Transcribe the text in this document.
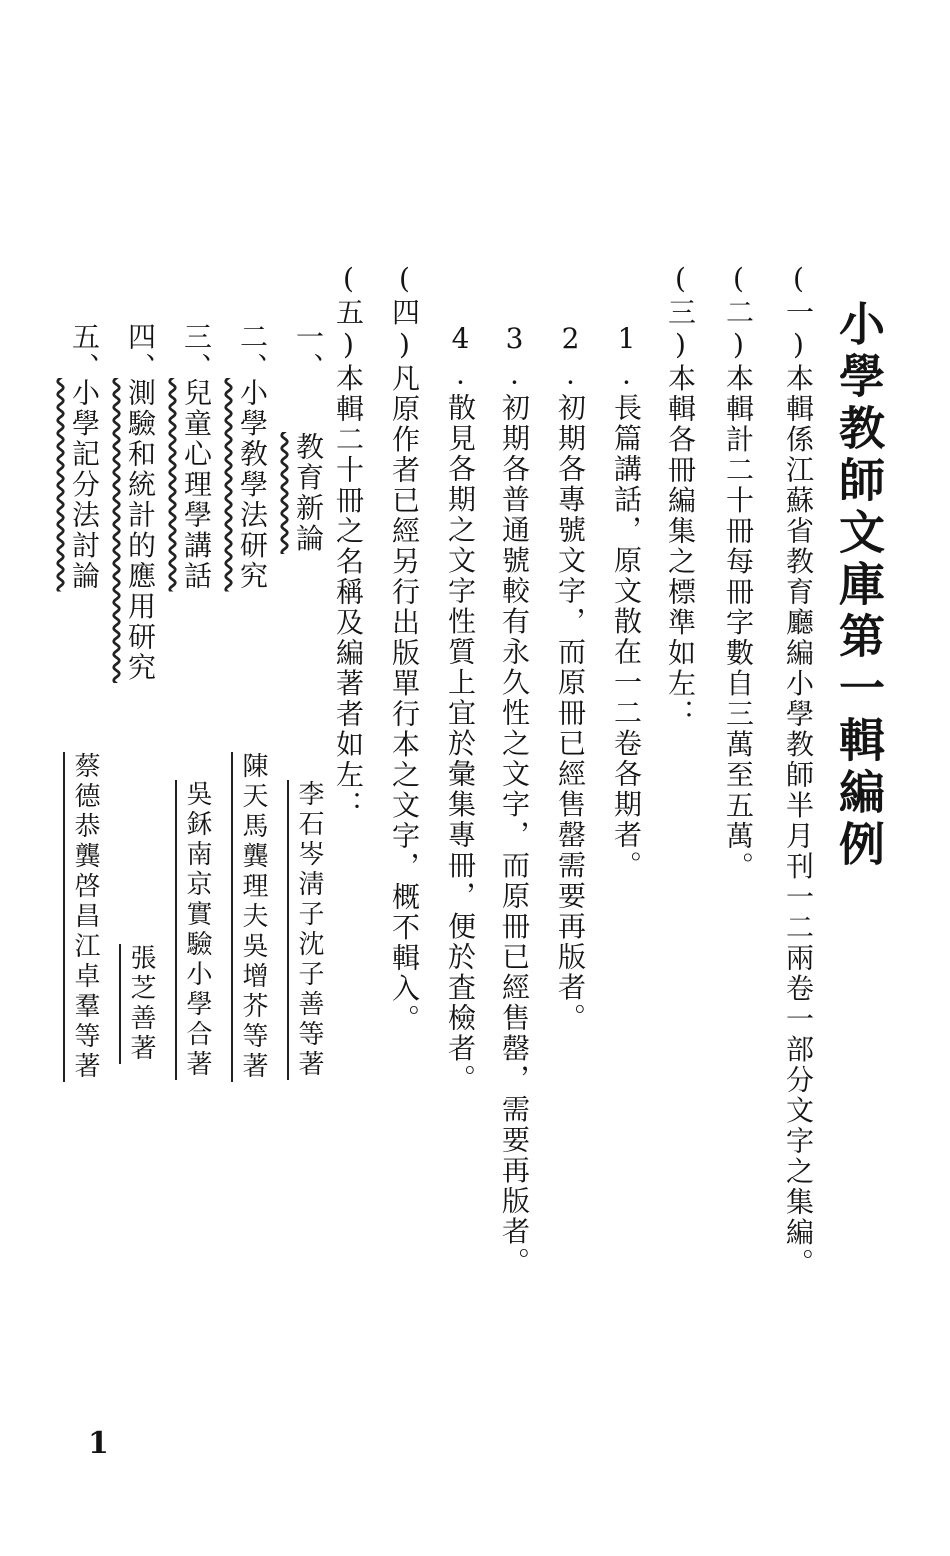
小學教師文庫第一輯編例
(一)本輯係江蘇省教育廳編小學教師半月刊一二兩卷一部分文字之集編。
(二)本輯計二十冊每冊字數自三萬至五萬。
(三)本輯各冊編集之標準如左：
1.長篇講話，原文散在一二卷各期者。
2.初期各專號文字，而原冊已經售罄需要再版者。
3.初期各普通號較有永久性之文字，而原冊已經售罄，需要再版者。
4.散見各期之文字性質上宜於彙集專冊，便於査檢者。
(四)凡原作者已經另行出版單行本之文字，概不輯入。
(五)本輯二十冊之名稱及編著者如左：
一、
教育新論
李石岑淸子沈子善等著
二、
小學敎學法研究
陳天馬龔理夫吳增芥等著
三、
兒童心理學講話
吳鉌南京實驗小學合著
四、
測驗和統計的應用研究
張芝善著
五、
小學記分法討論
蔡德恭龔啓昌江卓羣等著
1
